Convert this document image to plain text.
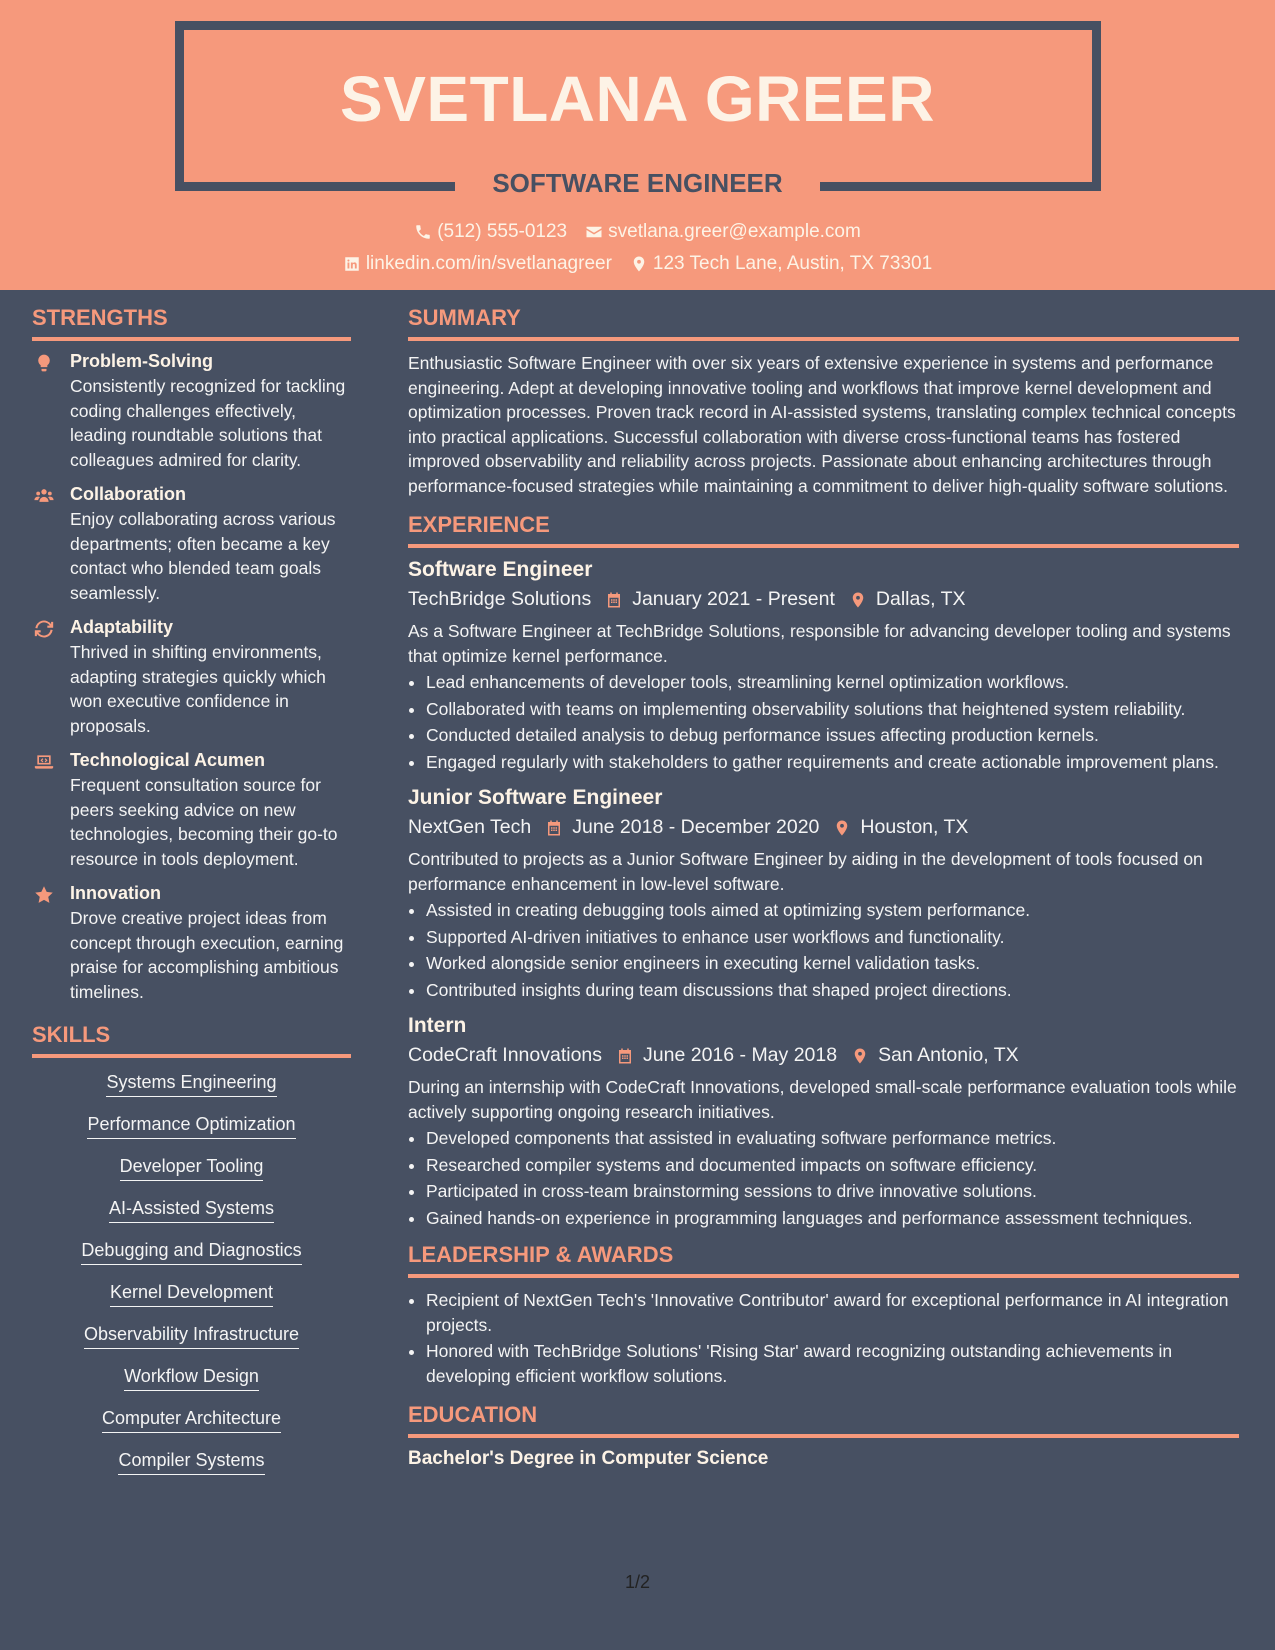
SVETLANA GREER
SOFTWARE ENGINEER
(512) 555-0123 svetlana.greer@example.com
linkedin.com/in/svetlanagreer 123 Tech Lane, Austin, TX 73301
STRENGTHS
Problem-Solving
Consistently recognized for tackling coding challenges effectively, leading roundtable solutions that colleagues admired for clarity.
Collaboration
Enjoy collaborating across various departments; often became a key contact who blended team goals seamlessly.
Adaptability
Thrived in shifting environments, adapting strategies quickly which won executive confidence in proposals.
Technological Acumen
Frequent consultation source for peers seeking advice on new technologies, becoming their go-to resource in tools deployment.
Innovation
Drove creative project ideas from concept through execution, earning praise for accomplishing ambitious timelines.
SKILLS
Systems Engineering
Performance Optimization
Developer Tooling
AI-Assisted Systems
Debugging and Diagnostics
Kernel Development
Observability Infrastructure
Workflow Design
Computer Architecture
Compiler Systems
SUMMARY
Enthusiastic Software Engineer with over six years of extensive experience in systems and performance engineering. Adept at developing innovative tooling and workflows that improve kernel development and optimization processes. Proven track record in AI-assisted systems, translating complex technical concepts into practical applications. Successful collaboration with diverse cross-functional teams has fostered improved observability and reliability across projects. Passionate about enhancing architectures through performance-focused strategies while maintaining a commitment to deliver high-quality software solutions.
EXPERIENCE
Software Engineer
TechBridge Solutions January 2021 - Present Dallas, TX
As a Software Engineer at TechBridge Solutions, responsible for advancing developer tooling and systems that optimize kernel performance.
• Lead enhancements of developer tools, streamlining kernel optimization workflows.
• Collaborated with teams on implementing observability solutions that heightened system reliability.
• Conducted detailed analysis to debug performance issues affecting production kernels.
• Engaged regularly with stakeholders to gather requirements and create actionable improvement plans.
Junior Software Engineer
NextGen Tech June 2018 - December 2020 Houston, TX
Contributed to projects as a Junior Software Engineer by aiding in the development of tools focused on performance enhancement in low-level software.
• Assisted in creating debugging tools aimed at optimizing system performance.
• Supported AI-driven initiatives to enhance user workflows and functionality.
• Worked alongside senior engineers in executing kernel validation tasks.
• Contributed insights during team discussions that shaped project directions.
Intern
CodeCraft Innovations June 2016 - May 2018 San Antonio, TX
During an internship with CodeCraft Innovations, developed small-scale performance evaluation tools while actively supporting ongoing research initiatives.
• Developed components that assisted in evaluating software performance metrics.
• Researched compiler systems and documented impacts on software efficiency.
• Participated in cross-team brainstorming sessions to drive innovative solutions.
• Gained hands-on experience in programming languages and performance assessment techniques.
LEADERSHIP & AWARDS
• Recipient of NextGen Tech's 'Innovative Contributor' award for exceptional performance in AI integration projects.
• Honored with TechBridge Solutions' 'Rising Star' award recognizing outstanding achievements in developing efficient workflow solutions.
EDUCATION
Bachelor's Degree in Computer Science
1/2
